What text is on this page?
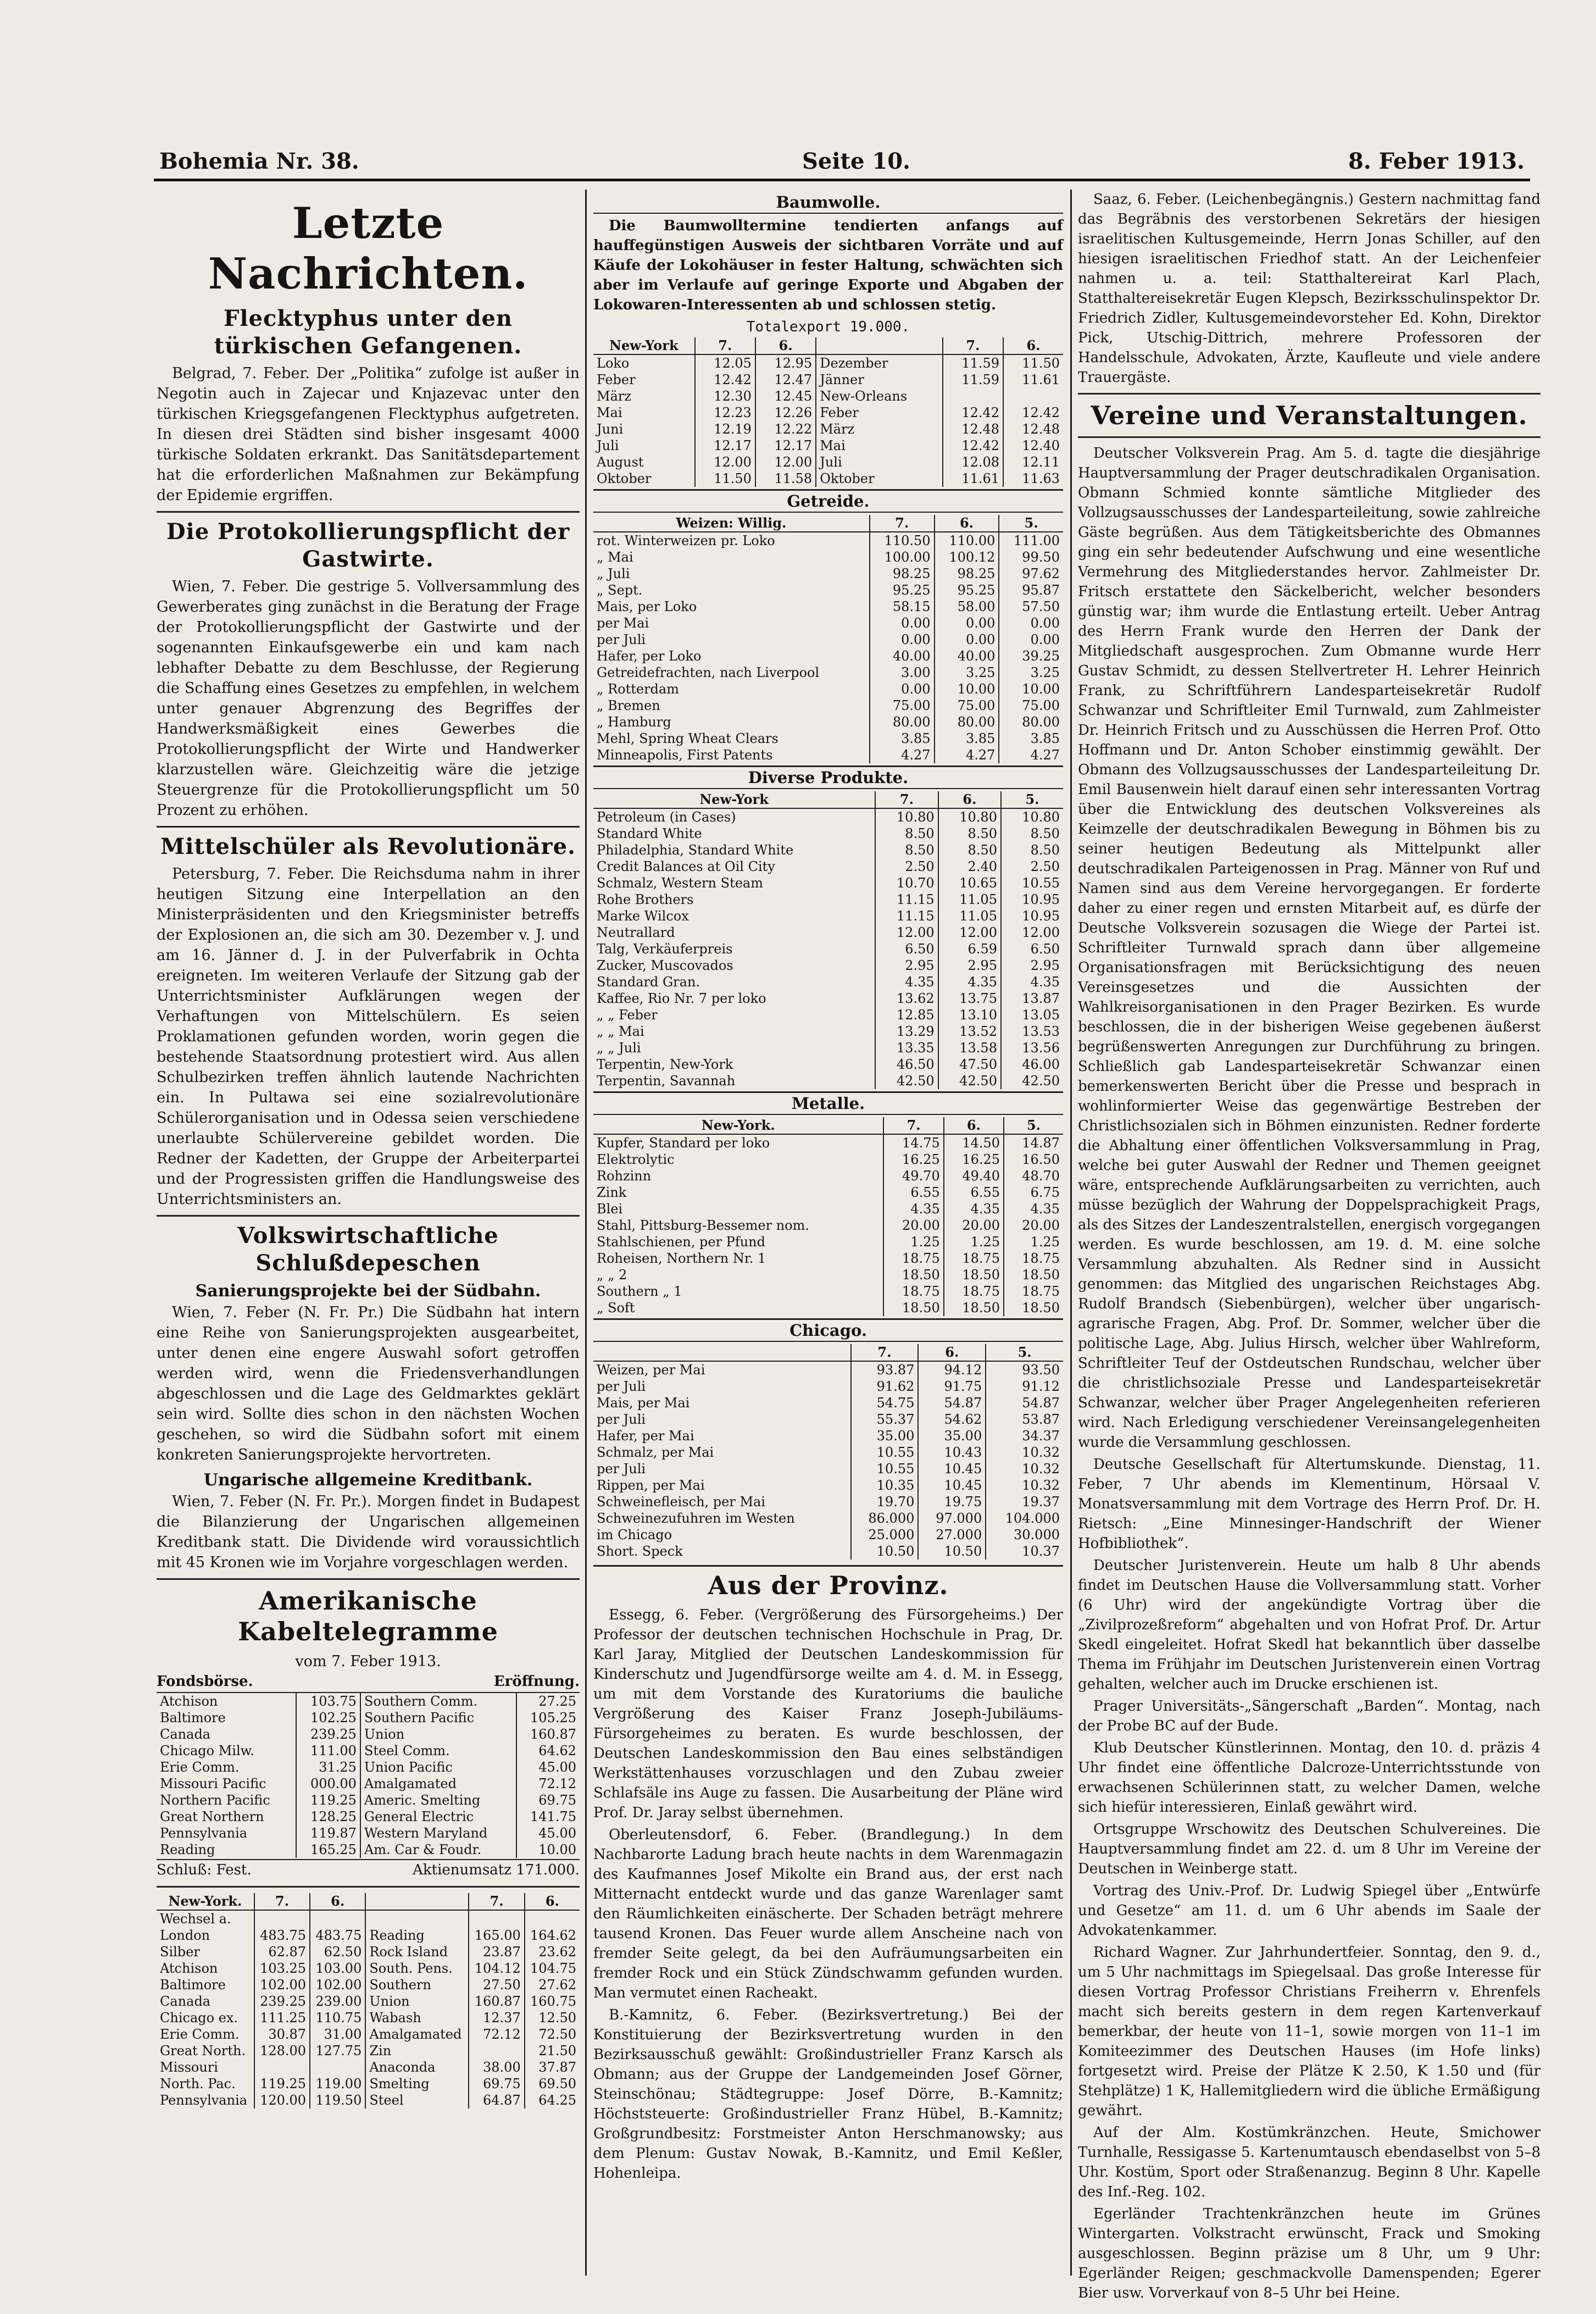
Bohemia Nr. 38.	Seite 10.	8. Feber 1913.
Letzte Nachrichten.
Flecktyphus unter den türkischen Gefangenen.

Belgrad, 7. Feber. Der „Politika“ zufolge ist außer in Negotin auch in Zajecar und Knjazevac unter den türkischen Kriegsgefangenen Flecktyphus aufgetreten. In diesen drei Städten sind bisher insgesamt 4000 türkische Soldaten erkrankt. Das Sanitätsdepartement hat die erforderlichen Maßnahmen zur Bekämpfung der Epidemie ergriffen.

Die Protokollierungspflicht der Gastwirte.

Wien, 7. Feber. Die gestrige 5. Vollversammlung des Gewerberates ging zunächst in die Beratung der Frage der Protokollierungspflicht der Gastwirte und der sogenannten Einkaufsgewerbe ein und kam nach lebhafter Debatte zu dem Beschlusse, der Regierung die Schaffung eines Gesetzes zu empfehlen, in welchem unter genauer Abgrenzung des Begriffes der Handwerksmäßigkeit eines Gewerbes die Protokollierungspflicht der Wirte und Handwerker klarzustellen wäre. Gleichzeitig wäre die jetzige Steuergrenze für die Protokollierungspflicht um 50 Prozent zu erhöhen.

Mittelschüler als Revolutionäre.

Petersburg, 7. Feber. Die Reichsduma nahm in ihrer heutigen Sitzung eine Interpellation an den Ministerpräsidenten und den Kriegsminister betreffs der Explosionen an, die sich am 30. Dezember v. J. und am 16. Jänner d. J. in der Pulverfabrik in Ochta ereigneten. Im weiteren Verlaufe der Sitzung gab der Unterrichtsminister Aufklärungen wegen der Verhaftungen von Mittelschülern. Es seien Proklamationen gefunden worden, worin gegen die bestehende Staatsordnung protestiert wird. Aus allen Schulbezirken treffen ähnlich lautende Nachrichten ein. In Pultawa sei eine sozialrevolutionäre Schülerorganisation und in Odessa seien verschiedene unerlaubte Schülervereine gebildet worden. Die Redner der Kadetten, der Gruppe der Arbeiterpartei und der Progressisten griffen die Handlungsweise des Unterrichtsministers an.

Volkswirtschaftliche Schlußdepeschen
Sanierungsprojekte bei der Südbahn.

Wien, 7. Feber (N. Fr. Pr.) Die Südbahn hat intern eine Reihe von Sanierungsprojekten ausgearbeitet, unter denen eine engere Auswahl sofort getroffen werden wird, wenn die Friedensverhandlungen abgeschlossen und die Lage des Geldmarktes geklärt sein wird. Sollte dies schon in den nächsten Wochen geschehen, so wird die Südbahn sofort mit einem konkreten Sanierungsprojekte hervortreten.

Ungarische allgemeine Kreditbank.

Wien, 7. Feber (N. Fr. Pr.). Morgen findet in Budapest die Bilanzierung der Ungarischen allgemeinen Kreditbank statt. Die Dividende wird voraussichtlich mit 45 Kronen wie im Vorjahre vorgeschlagen werden.

Amerikanische Kabeltelegramme
vom 7. Feber 1913.
Fondsbörse.	Eröffnung.
Atchison	103.75	Southern Comm.	27.25
Baltimore	102.25	Southern Pacific	105.25
Canada	239.25	Union	160.87
Chicago Milw.	111.00	Steel Comm.	64.62
Erie Comm.	31.25	Union Pacific	45.00
Missouri Pacific	000.00	Amalgamated	72.12
Northern Pacific	119.25	Americ. Smelting	69.75
Great Northern	128.25	General Electric	141.75
Pennsylvania	119.87	Western Maryland	45.00
Reading	165.25	Am. Car & Foudr.	10.00
Schluß: Fest.	Aktienumsatz 171.000.
New-York.	7.	6.		7.	6.
Wechsel a.					
London	483.75	483.75	Reading	165.00	164.62
Silber	62.87	62.50	Rock Island	23.87	23.62
Atchison	103.25	103.00	South. Pens.	104.12	104.75
Baltimore	102.00	102.00	Southern	27.50	27.62
Canada	239.25	239.00	Union	160.87	160.75
Chicago ex.	111.25	110.75	Wabash	12.37	12.50
Erie Comm.	30.87	31.00	Amalgamated	72.12	72.50
Great North.	128.00	127.75	Zin		21.50
Missouri			Anaconda	38.00	37.87
North. Pac.	119.25	119.00	Smelting	69.75	69.50
Pennsylvania	120.00	119.50	Steel	64.87	64.25
Baumwolle.

Die Baumwolltermine tendierten anfangs auf hauffegünstigen Ausweis der sichtbaren Vorräte und auf Käufe der Lokohäuser in fester Haltung, schwächten sich aber im Verlaufe auf geringe Exporte und Abgaben der Lokowaren-Interessenten ab und schlossen stetig.

Totalexport 19.000.
New-York	7.	6.		7.	6.
Loko	12.05	12.95	Dezember	11.59	11.50
Feber	12.42	12.47	Jänner	11.59	11.61
März	12.30	12.45	New-Orleans		
Mai	12.23	12.26	Feber	12.42	12.42
Juni	12.19	12.22	März	12.48	12.48
Juli	12.17	12.17	Mai	12.42	12.40
August	12.00	12.00	Juli	12.08	12.11
Oktober	11.50	11.58	Oktober	11.61	11.63
Getreide.
Weizen: Willig.	7.	6.	5.
rot. Winterweizen pr. Loko	110.50	110.00	111.00
„ Mai	100.00	100.12	99.50
„ Juli	98.25	98.25	97.62
„ Sept.	95.25	95.25	95.87
Mais, per Loko	58.15	58.00	57.50
per Mai	0.00	0.00	0.00
per Juli	0.00	0.00	0.00
Hafer, per Loko	40.00	40.00	39.25
Getreidefrachten, nach Liverpool	3.00	3.25	3.25
„ Rotterdam	0.00	10.00	10.00
„ Bremen	75.00	75.00	75.00
„ Hamburg	80.00	80.00	80.00
Mehl, Spring Wheat Clears	3.85	3.85	3.85
Minneapolis, First Patents	4.27	4.27	4.27
Diverse Produkte.
New-York	7.	6.	5.
Petroleum (in Cases)	10.80	10.80	10.80
Standard White	8.50	8.50	8.50
Philadelphia, Standard White	8.50	8.50	8.50
Credit Balances at Oil City	2.50	2.40	2.50
Schmalz, Western Steam	10.70	10.65	10.55
Rohe Brothers	11.15	11.05	10.95
Marke Wilcox	11.15	11.05	10.95
Neutrallard	12.00	12.00	12.00
Talg, Verkäuferpreis	6.50	6.59	6.50
Zucker, Muscovados	2.95	2.95	2.95
Standard Gran.	4.35	4.35	4.35
Kaffee, Rio Nr. 7 per loko	13.62	13.75	13.87
„ „ Feber	12.85	13.10	13.05
„ „ Mai	13.29	13.52	13.53
„ „ Juli	13.35	13.58	13.56
Terpentin, New-York	46.50	47.50	46.00
Terpentin, Savannah	42.50	42.50	42.50
Metalle.
New-York.	7.	6.	5.
Kupfer, Standard per loko	14.75	14.50	14.87
Elektrolytic	16.25	16.25	16.50
Rohzinn	49.70	49.40	48.70
Zink	6.55	6.55	6.75
Blei	4.35	4.35	4.35
Stahl, Pittsburg-Bessemer nom.	20.00	20.00	20.00
Stahlschienen, per Pfund	1.25	1.25	1.25
Roheisen, Northern Nr. 1	18.75	18.75	18.75
„ „ 2	18.50	18.50	18.50
Southern „ 1	18.75	18.75	18.75
„ Soft	18.50	18.50	18.50
Chicago.
	7.	6.	5.
Weizen, per Mai	93.87	94.12	93.50
per Juli	91.62	91.75	91.12
Mais, per Mai	54.75	54.87	54.87
per Juli	55.37	54.62	53.87
Hafer, per Mai	35.00	35.00	34.37
Schmalz, per Mai	10.55	10.43	10.32
per Juli	10.55	10.45	10.32
Rippen, per Mai	10.35	10.45	10.32
Schweinefleisch, per Mai	19.70	19.75	19.37
Schweinezufuhren im Westen	86.000	97.000	104.000
im Chicago	25.000	27.000	30.000
Short. Speck	10.50	10.50	10.37
Aus der Provinz.

Essegg, 6. Feber. (Vergrößerung des Fürsorgeheims.) Der Professor der deutschen technischen Hochschule in Prag, Dr. Karl Jaray, Mitglied der Deutschen Landeskommission für Kinderschutz und Jugendfürsorge weilte am 4. d. M. in Essegg, um mit dem Vorstande des Kuratoriums die bauliche Vergrößerung des Kaiser Franz Joseph-Jubiläums-Fürsorgeheimes zu beraten. Es wurde beschlossen, der Deutschen Landeskommission den Bau eines selbständigen Werkstättenhauses vorzuschlagen und den Zubau zweier Schlafsäle ins Auge zu fassen. Die Ausarbeitung der Pläne wird Prof. Dr. Jaray selbst übernehmen.

Oberleutensdorf, 6. Feber. (Brandlegung.) In dem Nachbarorte Ladung brach heute nachts in dem Warenmagazin des Kaufmannes Josef Mikolte ein Brand aus, der erst nach Mitternacht entdeckt wurde und das ganze Warenlager samt den Räumlichkeiten einäscherte. Der Schaden beträgt mehrere tausend Kronen. Das Feuer wurde allem Anscheine nach von fremder Seite gelegt, da bei den Aufräumungsarbeiten ein fremder Rock und ein Stück Zündschwamm gefunden wurden. Man vermutet einen Racheakt.

B.-Kamnitz, 6. Feber. (Bezirksvertretung.) Bei der Konstituierung der Bezirksvertretung wurden in den Bezirksausschuß gewählt: Großindustrieller Franz Karsch als Obmann; aus der Gruppe der Landgemeinden Josef Görner, Steinschönau; Städtegruppe: Josef Dörre, B.-Kamnitz; Höchststeuerte: Großindustrieller Franz Hübel, B.-Kamnitz; Großgrundbesitz: Forstmeister Anton Herschmanowsky; aus dem Plenum: Gustav Nowak, B.-Kamnitz, und Emil Keßler, Hohenleipa.

Saaz, 6. Feber. (Leichenbegängnis.) Gestern nachmittag fand das Begräbnis des verstorbenen Sekretärs der hiesigen israelitischen Kultusgemeinde, Herrn Jonas Schiller, auf den hiesigen israelitischen Friedhof statt. An der Leichenfeier nahmen u. a. teil: Statthaltereirat Karl Plach, Statthaltereisekretär Eugen Klepsch, Bezirksschulinspektor Dr. Friedrich Zidler, Kultusgemeindevorsteher Ed. Kohn, Direktor Pick, Utschig-Dittrich, mehrere Professoren der Handelsschule, Advokaten, Ärzte, Kaufleute und viele andere Trauergäste.

Vereine und Veranstaltungen.

Deutscher Volksverein Prag. Am 5. d. tagte die diesjährige Hauptversammlung der Prager deutschradikalen Organisation. Obmann Schmied konnte sämtliche Mitglieder des Vollzugsausschusses der Landesparteileitung, sowie zahlreiche Gäste begrüßen. Aus dem Tätigkeitsberichte des Obmannes ging ein sehr bedeutender Aufschwung und eine wesentliche Vermehrung des Mitgliederstandes hervor. Zahlmeister Dr. Fritsch erstattete den Säckelbericht, welcher besonders günstig war; ihm wurde die Entlastung erteilt. Ueber Antrag des Herrn Frank wurde den Herren der Dank der Mitgliedschaft ausgesprochen. Zum Obmanne wurde Herr Gustav Schmidt, zu dessen Stellvertreter H. Lehrer Heinrich Frank, zu Schriftführern Landesparteisekretär Rudolf Schwanzar und Schriftleiter Emil Turnwald, zum Zahlmeister Dr. Heinrich Fritsch und zu Ausschüssen die Herren Prof. Otto Hoffmann und Dr. Anton Schober einstimmig gewählt. Der Obmann des Vollzugsausschusses der Landesparteileitung Dr. Emil Bausenwein hielt darauf einen sehr interessanten Vortrag über die Entwicklung des deutschen Volksvereines als Keimzelle der deutschradikalen Bewegung in Böhmen bis zu seiner heutigen Bedeutung als Mittelpunkt aller deutschradikalen Parteigenossen in Prag. Männer von Ruf und Namen sind aus dem Vereine hervorgegangen. Er forderte daher zu einer regen und ernsten Mitarbeit auf, es dürfe der Deutsche Volksverein sozusagen die Wiege der Partei ist. Schriftleiter Turnwald sprach dann über allgemeine Organisationsfragen mit Berücksichtigung des neuen Vereinsgesetzes und die Aussichten der Wahlkreisorganisationen in den Prager Bezirken. Es wurde beschlossen, die in der bisherigen Weise gegebenen äußerst begrüßenswerten Anregungen zur Durchführung zu bringen. Schließlich gab Landesparteisekretär Schwanzar einen bemerkenswerten Bericht über die Presse und besprach in wohlinformierter Weise das gegenwärtige Bestreben der Christlichsozialen sich in Böhmen einzunisten. Redner forderte die Abhaltung einer öffentlichen Volksversammlung in Prag, welche bei guter Auswahl der Redner und Themen geeignet wäre, entsprechende Aufklärungsarbeiten zu verrichten, auch müsse bezüglich der Wahrung der Doppelsprachigkeit Prags, als des Sitzes der Landeszentralstellen, energisch vorgegangen werden. Es wurde beschlossen, am 19. d. M. eine solche Versammlung abzuhalten. Als Redner sind in Aussicht genommen: das Mitglied des ungarischen Reichstages Abg. Rudolf Brandsch (Siebenbürgen), welcher über ungarisch-agrarische Fragen, Abg. Prof. Dr. Sommer, welcher über die politische Lage, Abg. Julius Hirsch, welcher über Wahlreform, Schriftleiter Teuf der Ostdeutschen Rundschau, welcher über die christlichsoziale Presse und Landesparteisekretär Schwanzar, welcher über Prager Angelegenheiten referieren wird. Nach Erledigung verschiedener Vereinsangelegenheiten wurde die Versammlung geschlossen.

Deutsche Gesellschaft für Altertumskunde. Dienstag, 11. Feber, 7 Uhr abends im Klementinum, Hörsaal V. Monatsversammlung mit dem Vortrage des Herrn Prof. Dr. H. Rietsch: „Eine Minnesinger-Handschrift der Wiener Hofbibliothek“.

Deutscher Juristenverein. Heute um halb 8 Uhr abends findet im Deutschen Hause die Vollversammlung statt. Vorher (6 Uhr) wird der angekündigte Vortrag über die „Zivilprozeßreform“ abgehalten und von Hofrat Prof. Dr. Artur Skedl eingeleitet. Hofrat Skedl hat bekanntlich über dasselbe Thema im Frühjahr im Deutschen Juristenverein einen Vortrag gehalten, welcher auch im Drucke erschienen ist.

Prager Universitäts-„Sängerschaft „Barden“. Montag, nach der Probe BC auf der Bude.

Klub Deutscher Künstlerinnen. Montag, den 10. d. präzis 4 Uhr findet eine öffentliche Dalcroze-Unterrichtsstunde von erwachsenen Schülerinnen statt, zu welcher Damen, welche sich hiefür interessieren, Einlaß gewährt wird.

Ortsgruppe Wrschowitz des Deutschen Schulvereines. Die Hauptversammlung findet am 22. d. um 8 Uhr im Vereine der Deutschen in Weinberge statt.

Vortrag des Univ.-Prof. Dr. Ludwig Spiegel über „Entwürfe und Gesetze“ am 11. d. um 6 Uhr abends im Saale der Advokatenkammer.

Richard Wagner. Zur Jahrhundertfeier. Sonntag, den 9. d., um 5 Uhr nachmittags im Spiegelsaal. Das große Interesse für diesen Vortrag Professor Christians Freiherrn v. Ehrenfels macht sich bereits gestern in dem regen Kartenverkauf bemerkbar, der heute von 11–1, sowie morgen von 11–1 im Komiteezimmer des Deutschen Hauses (im Hofe links) fortgesetzt wird. Preise der Plätze K 2.50, K 1.50 und (für Stehplätze) 1 K, Hallemitgliedern wird die übliche Ermäßigung gewährt.

Auf der Alm. Kostümkränzchen. Heute, Smichower Turnhalle, Ressigasse 5. Kartenumtausch ebendaselbst von 5–8 Uhr. Kostüm, Sport oder Straßenanzug. Beginn 8 Uhr. Kapelle des Inf.-Reg. 102.

Egerländer Trachtenkränzchen heute im Grünes Wintergarten. Volkstracht erwünscht, Frack und Smoking ausgeschlossen. Beginn präzise um 8 Uhr, um 9 Uhr: Egerländer Reigen; geschmackvolle Damenspenden; Egerer Bier usw. Vorverkauf von 8–5 Uhr bei Heine.
